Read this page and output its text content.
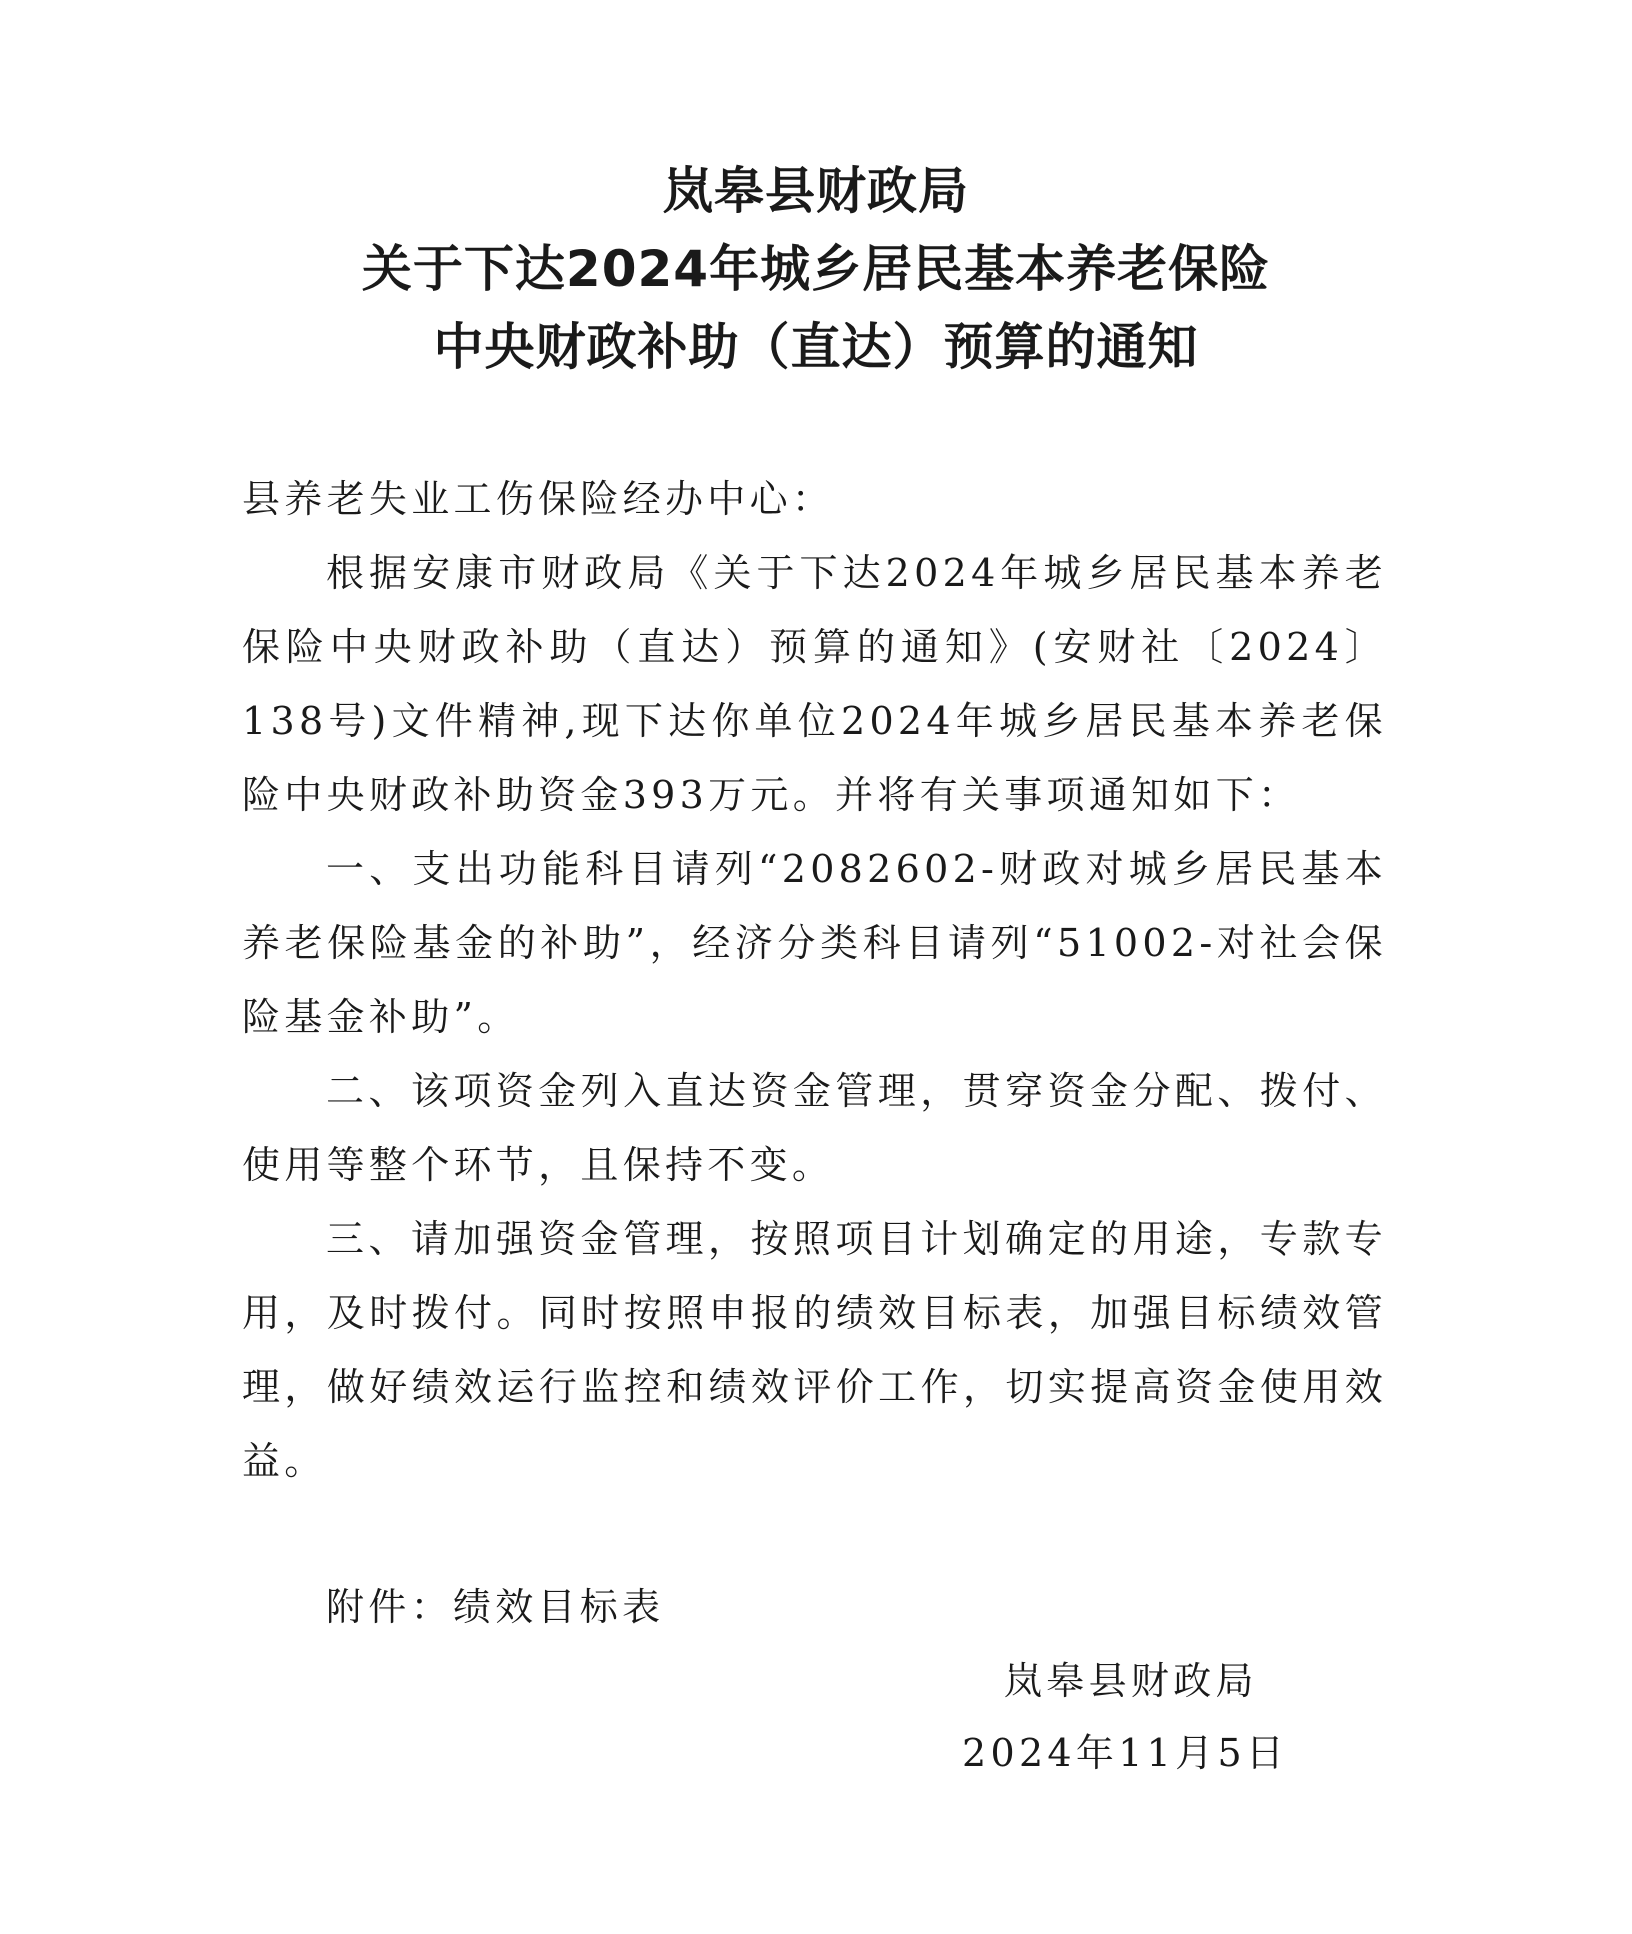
岚皋县财政局
关于下达2024年城乡居民基本养老保险
中央财政补助（直达）预算的通知

县养老失业工伤保险经办中心：

根据安康市财政局《关于下达2024年城乡居民基本养老保险中央财政补助（直达）预算的通知》(安财社〔2024〕138号)文件精神,现下达你单位2024年城乡居民基本养老保险中央财政补助资金393万元。并将有关事项通知如下：

一、支出功能科目请列“2082602-财政对城乡居民基本养老保险基金的补助”，经济分类科目请列“51002-对社会保险基金补助”。

二、该项资金列入直达资金管理，贯穿资金分配、拨付、使用等整个环节，且保持不变。

三、请加强资金管理，按照项目计划确定的用途，专款专用，及时拨付。同时按照申报的绩效目标表，加强目标绩效管理，做好绩效运行监控和绩效评价工作，切实提高资金使用效益。

附件：绩效目标表
岚皋县财政局
2024年11月5日
